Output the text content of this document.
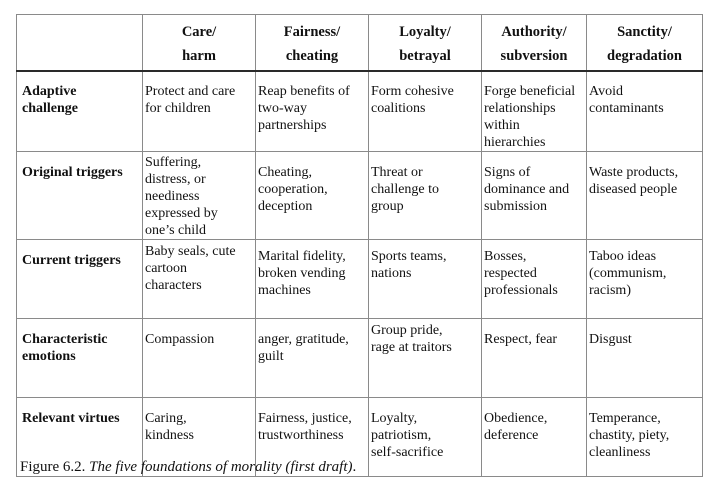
	Care/
harm	Fairness/
cheating	Loyalty/
betrayal	Authority/
subversion	Sanctity/
degradation

Adaptive
challenge	Protect and care
for children	Reap benefits of
two-way
partnerships	Form cohesive
coalitions	Forge beneficial
relationships
within
hierarchies	Avoid
contaminants

Original triggers	Suffering,
distress, or
neediness
expressed by
one’s child	Cheating,
cooperation,
deception	Threat or
challenge to
group	Signs of
dominance and
submission	Waste products,
diseased people

Current triggers	Baby seals, cute
cartoon
characters	Marital fidelity,
broken vending
machines	Sports teams,
nations	Bosses,
respected
professionals	Taboo ideas
(communism,
racism)

Characteristic
emotions	Compassion	anger, gratitude,
guilt	Group pride,
rage at traitors	Respect, fear	Disgust

Relevant virtues	Caring,
kindness	Fairness, justice,
trustworthiness	Loyalty,
patriotism,
self-sacrifice	Obedience,
deference	Temperance,
chastity, piety,
cleanliness
Figure 6.2. The five foundations of morality (first draft).
